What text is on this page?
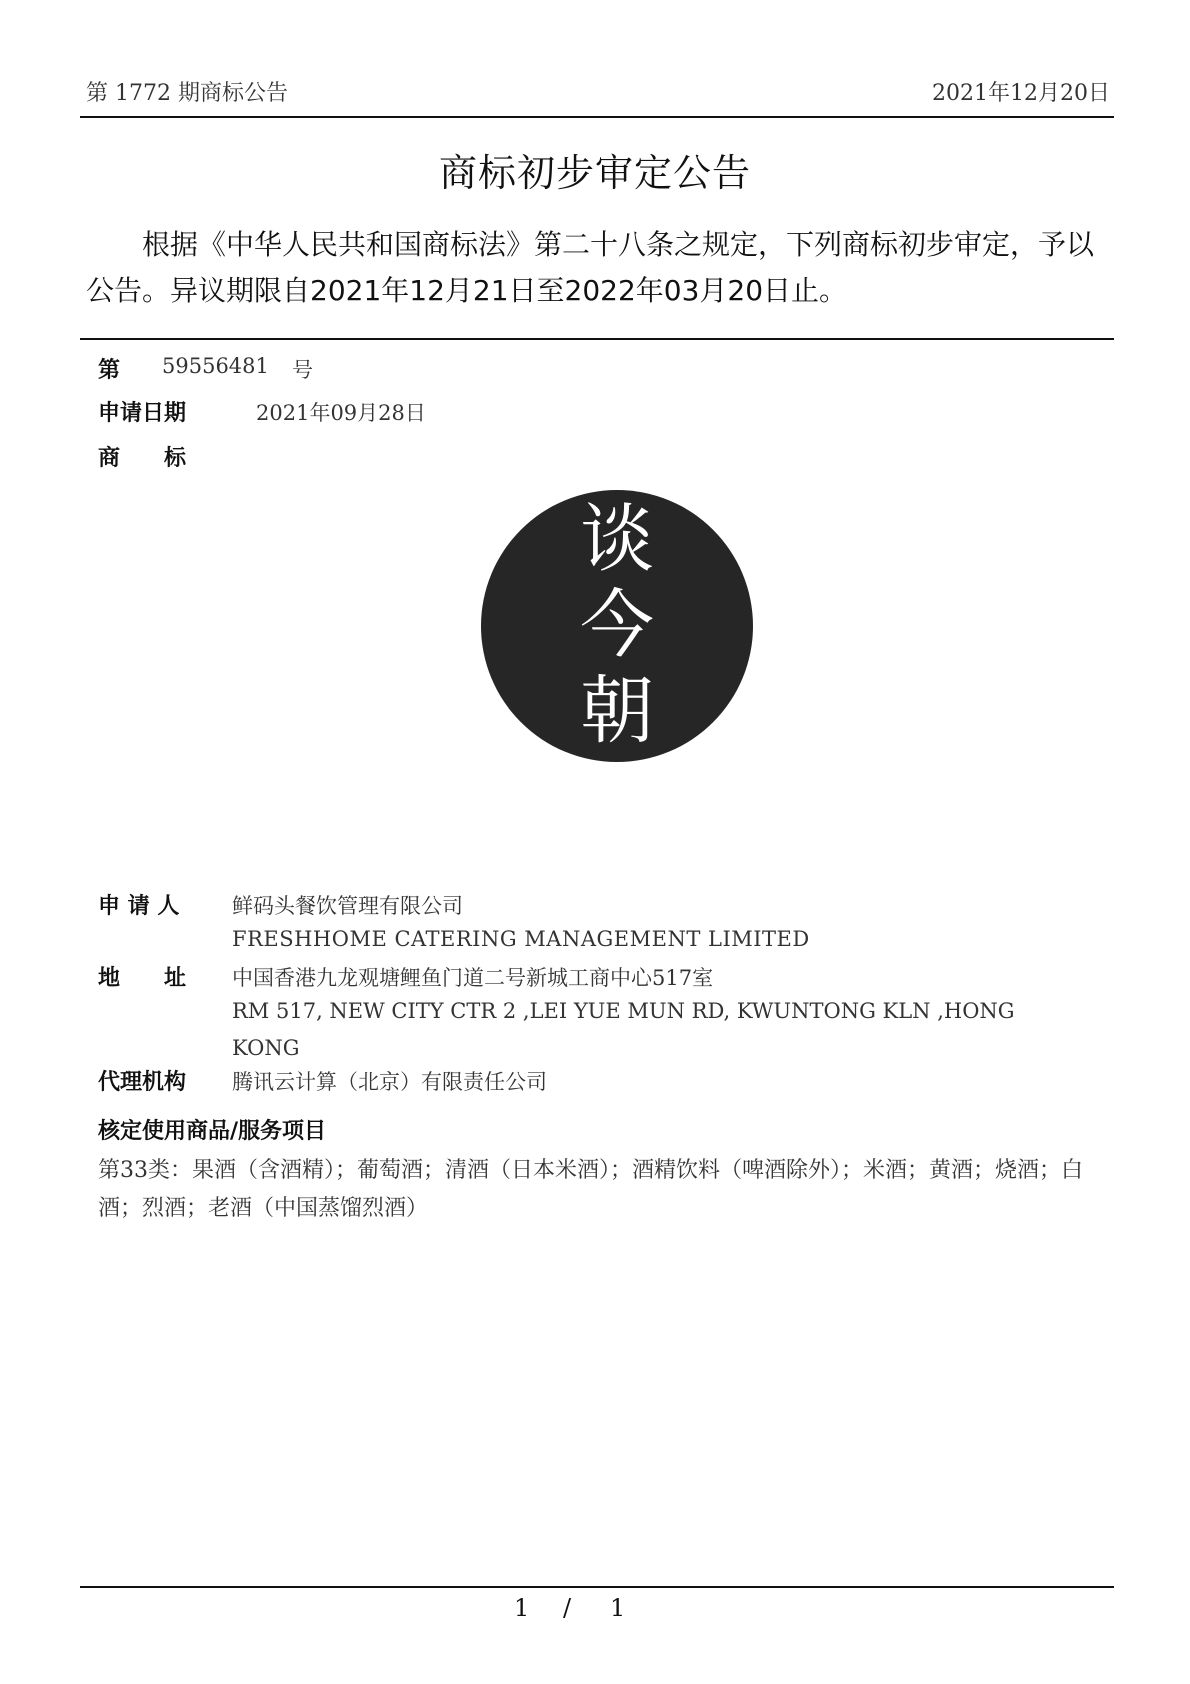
第 1772 期商标公告	2021年12月20日
商标初步审定公告
根据《中华人民共和国商标法》第二十八条之规定，下列商标初步审定，予以公告。异议期限自2021年12月21日至2022年03月20日止。
第 59556481 号
申请日期	2021年09月28日
商　　标
谈
今
朝
申 请 人	鲜码头餐饮管理有限公司
FRESHHOME CATERING MANAGEMENT LIMITED
地　　址 中国香港九龙观塘鲤鱼门道二号新城工商中心517室
RM 517, NEW CITY CTR 2 ,LEI YUE MUN RD, KWUNTONG KLN ,HONG
KONG
代理机构 腾讯云计算（北京）有限责任公司
核定使用商品/服务项目
第33类：果酒（含酒精）；葡萄酒；清酒（日本米酒）；酒精饮料（啤酒除外）；米酒；黄酒；烧酒；白酒；烈酒；老酒（中国蒸馏烈酒）
1 / 1
